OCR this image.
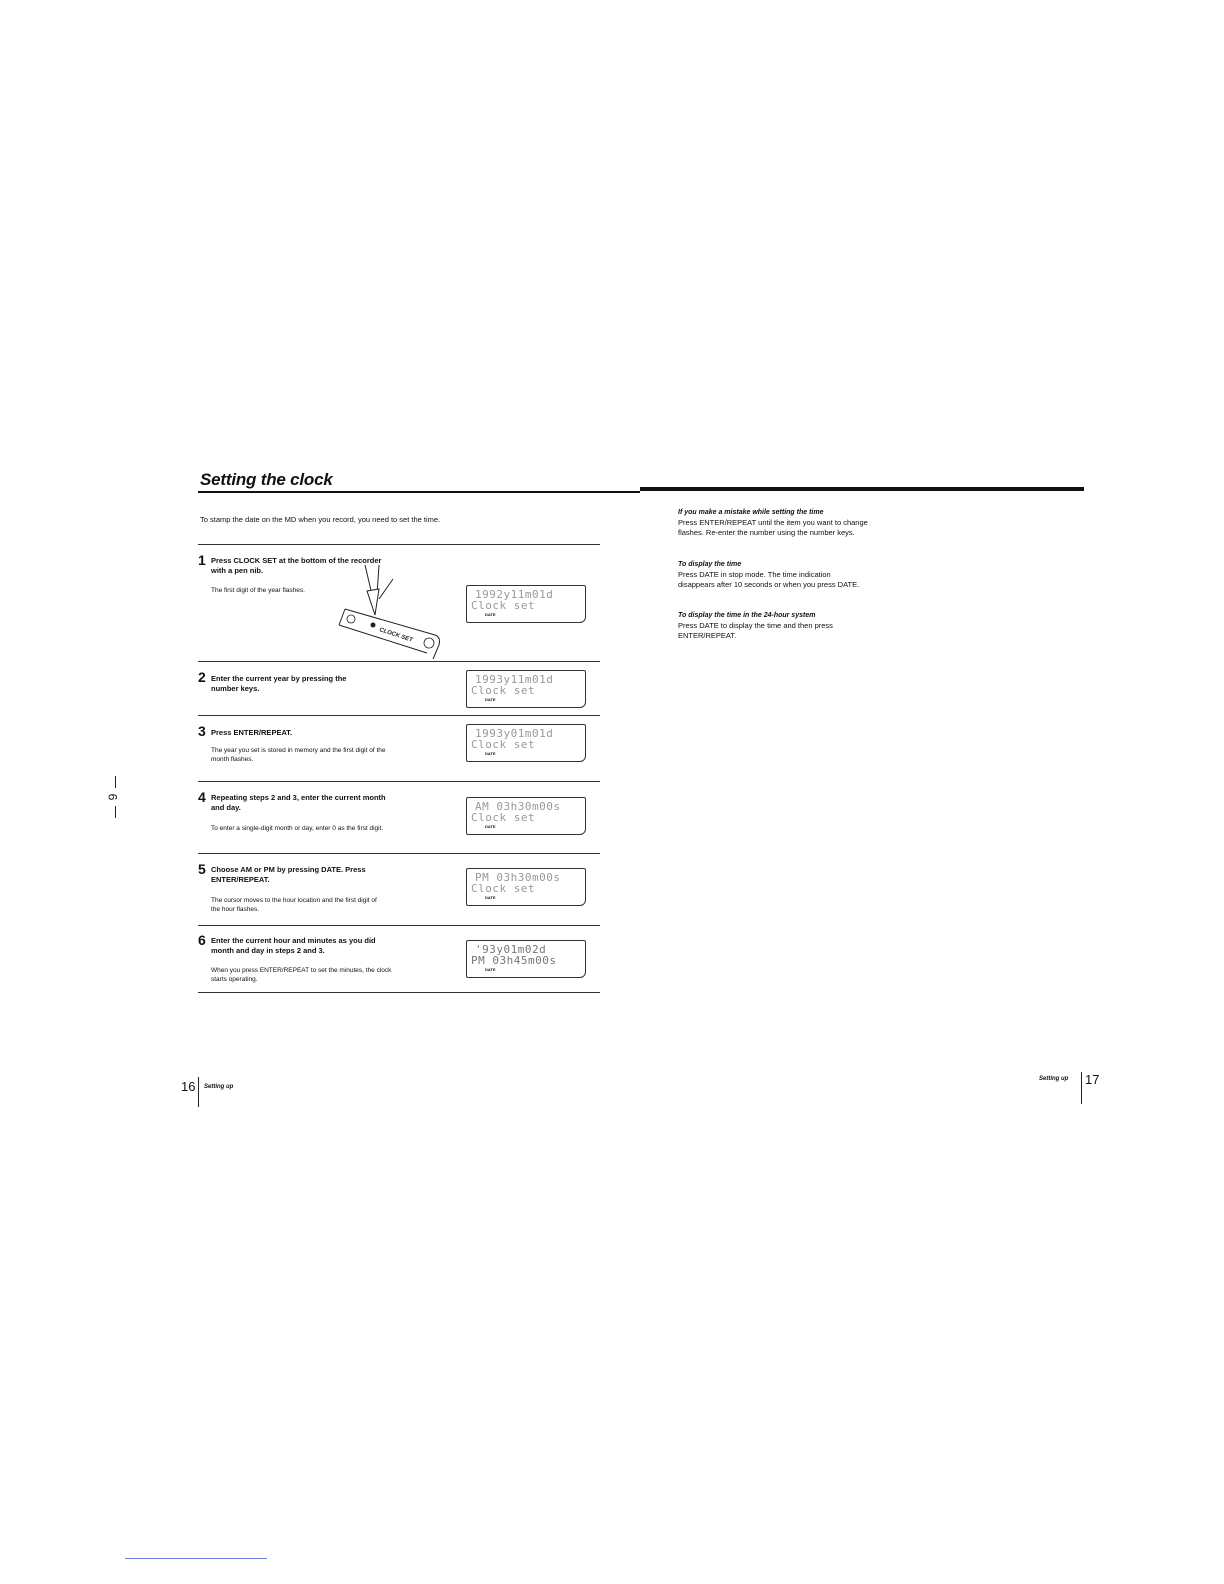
Setting the clock
To stamp the date on the MD when you record, you need to set the time.
1 Press CLOCK SET at the bottom of the recorder with a pen nib.
The first digit of the year flashes.
CLOCK SET
1992y11m01d
Clock set
DATE
2 Enter the current year by pressing the number keys.
1993y11m01d
Clock set
DATE
3 Press ENTER/REPEAT.
The year you set is stored in memory and the first digit of the month flashes.
1993y01m01d
Clock set
DATE
4 Repeating steps 2 and 3, enter the current month and day.
To enter a single-digit month or day, enter 0 as the first digit.
AM 03h30m00s
Clock set
DATE
5 Choose AM or PM by pressing DATE. Press ENTER/REPEAT.
The cursor moves to the hour location and the first digit of the hour flashes.
PM 03h30m00s
Clock set
DATE
6 Enter the current hour and minutes as you did month and day in steps 2 and 3.
When you press ENTER/REPEAT to set the minutes, the clock starts operating.
'93y01m02d
PM 03h45m00s
DATE
If you make a mistake while setting the time
Press ENTER/REPEAT until the item you want to change flashes. Re-enter the number using the number keys.
To display the time
Press DATE in stop mode. The time indication disappears after 10 seconds or when you press DATE.
To display the time in the 24-hour system
Press DATE to display the time and then press ENTER/REPEAT.
6
16 Setting up
Setting up 17
